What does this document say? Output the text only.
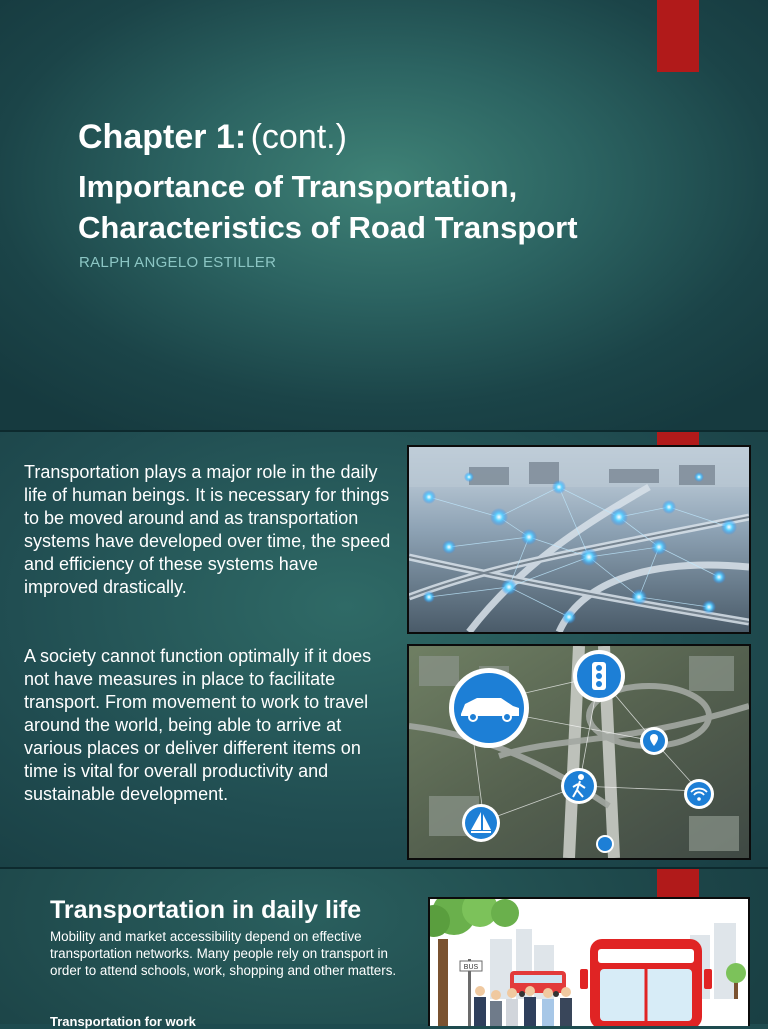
Chapter 1: (cont.)

Importance of Transportation,
Characteristics of Road Transport

RALPH ANGELO ESTILLER

Transportation plays a major role in the daily life of human beings. It is necessary for things to be moved around and as transportation systems have developed over time, the speed and efficiency of these systems have improved drastically.

A society cannot function optimally if it does not have measures in place to facilitate transport. From movement to work to travel around the world, being able to arrive at various places or deliver different items on time is vital for overall productivity and sustainable development.

Transportation in daily life

Mobility and market accessibility depend on effective transportation networks. Many people rely on transport in order to attend schools, work, shopping and other matters.

Transportation for work

BUS
